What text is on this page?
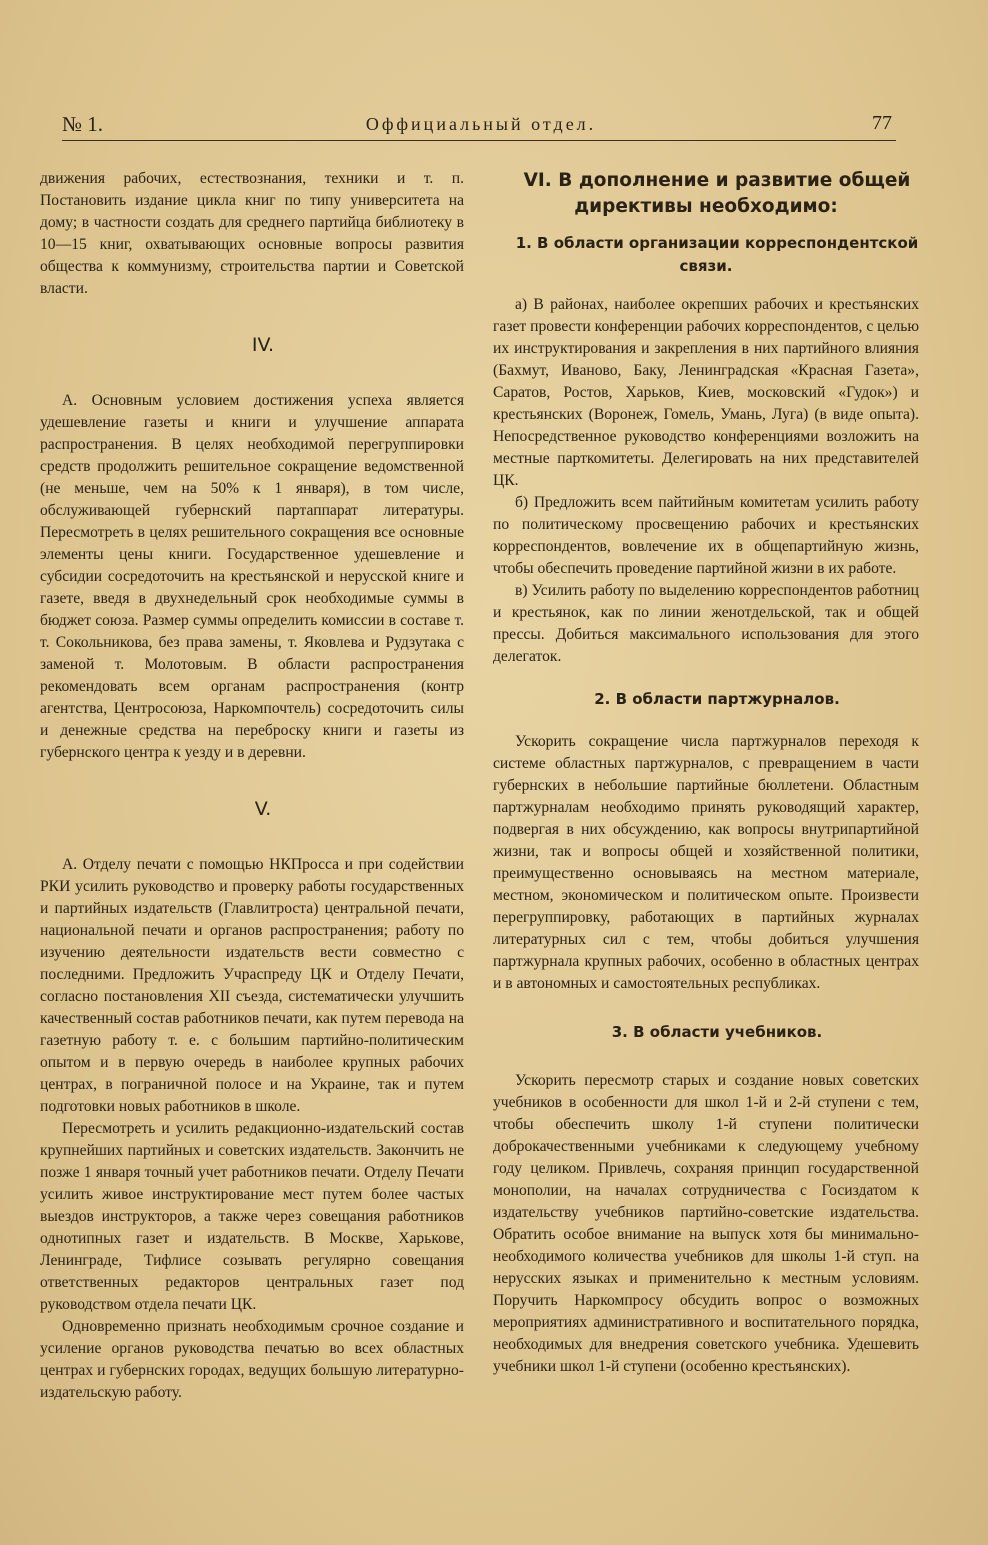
№ 1.	Оффициальный отдел.	77

движения рабочих, естествознания, техники и т. п. Постановить издание цикла книг по типу университета на дому; в частности создать для среднего партийца библиотеку в 10—15 книг, охватывающих основные вопросы развития общества к коммунизму, строительства партии и Советской власти.

IV.

А. Основным условием достижения успеха является удешевление газеты и книги и улучшение аппарата распространения. В целях необходимой перегруппировки средств продолжить решительное сокращение ведомственной (не меньше, чем на 50% к 1 января), в том числе, обслуживающей губернский партаппарат литературы. Пересмотреть в целях решительного сокращения все основные элементы цены книги. Государственное удешевление и субсидии сосредоточить на крестьянской и нерусской книге и газете, введя в двухнедельный срок необходимые суммы в бюджет союза. Размер суммы определить комиссии в составе т. т. Сокольникова, без права замены, т. Яковлева и Рудзутака с заменой т. Молотовым. В области распространения рекомендовать всем органам распространения (контр агентства, Центросоюза, Наркомпочтель) сосредоточить силы и денежные средства на переброску книги и газеты из губернского центра к уезду и в деревни.

V.

А. Отделу печати с помощью НКПросса и при содействии РКИ усилить руководство и проверку работы государственных и партийных издательств (Главлитроста) центральной печати, национальной печати и органов распространения; работу по изучению деятельности издательств вести совместно с последними. Предложить Учраспреду ЦК и Отделу Печати, согласно постановления XII съезда, систематически улучшить качественный состав работников печати, как путем перевода на газетную работу т. е. с большим партийно-политическим опытом и в первую очередь в наиболее крупных рабочих центрах, в пограничной полосе и на Украине, так и путем подготовки новых работников в школе.

Пересмотреть и усилить редакционно-издательский состав крупнейших партийных и советских издательств. Закончить не позже 1 января точный учет работников печати. Отделу Печати усилить живое инструктирование мест путем более частых выездов инструкторов, а также через совещания работников однотипных газет и издательств. В Москве, Харькове, Ленинграде, Тифлисе созывать регулярно совещания ответственных редакторов центральных газет под руководством отдела печати ЦК.

Одновременно признать необходимым срочное создание и усиление органов руководства печатью во всех областных центрах и губернских городах, ведущих большую литературно-издательскую работу.

VI. В дополнение и развитие общей директивы необходимо:

1. В области организации корреспондентской связи.

а) В районах, наиболее окрепших рабочих и крестьянских газет провести конференции рабочих корреспондентов, с целью их инструктирования и закрепления в них партийного влияния (Бахмут, Иваново, Баку, Ленинградская «Красная Газета», Саратов, Ростов, Харьков, Киев, московский «Гудок») и крестьянских (Воронеж, Гомель, Умань, Луга) (в виде опыта). Непосредственное руководство конференциями возложить на местные парткомитеты. Делегировать на них представителей ЦК.

б) Предложить всем пайтийным комитетам усилить работу по политическому просвещению рабочих и крестьянских корреспондентов, вовлечение их в общепартийную жизнь, чтобы обеспечить проведение партийной жизни в их работе.

в) Усилить работу по выделению корреспондентов работниц и крестьянок, как по линии женотдельской, так и общей прессы. Добиться максимального использования для этого делегаток.

2. В области партжурналов.

Ускорить сокращение числа партжурналов переходя к системе областных партжурналов, с превращением в части губернских в небольшие партийные бюллетени. Областным партжурналам необходимо принять руководящий характер, подвергая в них обсуждению, как вопросы внутрипартийной жизни, так и вопросы общей и хозяйственной политики, преимущественно основываясь на местном материале, местном, экономическом и политическом опыте. Произвести перегруппировку, работающих в партийных журналах литературных сил с тем, чтобы добиться улучшения партжурнала крупных рабочих, особенно в областных центрах и в автономных и самостоятельных республиках.

3. В области учебников.

Ускорить пересмотр старых и создание новых советских учебников в особенности для школ 1-й и 2-й ступени с тем, чтобы обеспечить школу 1-й ступени политически доброкачественными учебниками к следующему учебному году целиком. Привлечь, сохраняя принцип государственной монополии, на началах сотрудничества с Госиздатом к издательству учебников партийно-советские издательства. Обратить особое внимание на выпуск хотя бы минимально-необходимого количества учебников для школы 1-й ступ. на нерусских языках и применительно к местным условиям. Поручить Наркомпросу обсудить вопрос о возможных мероприятиях административного и воспитательного порядка, необходимых для внедрения советского учебника. Удешевить учебники школ 1-й ступени (особенно крестьянских).
